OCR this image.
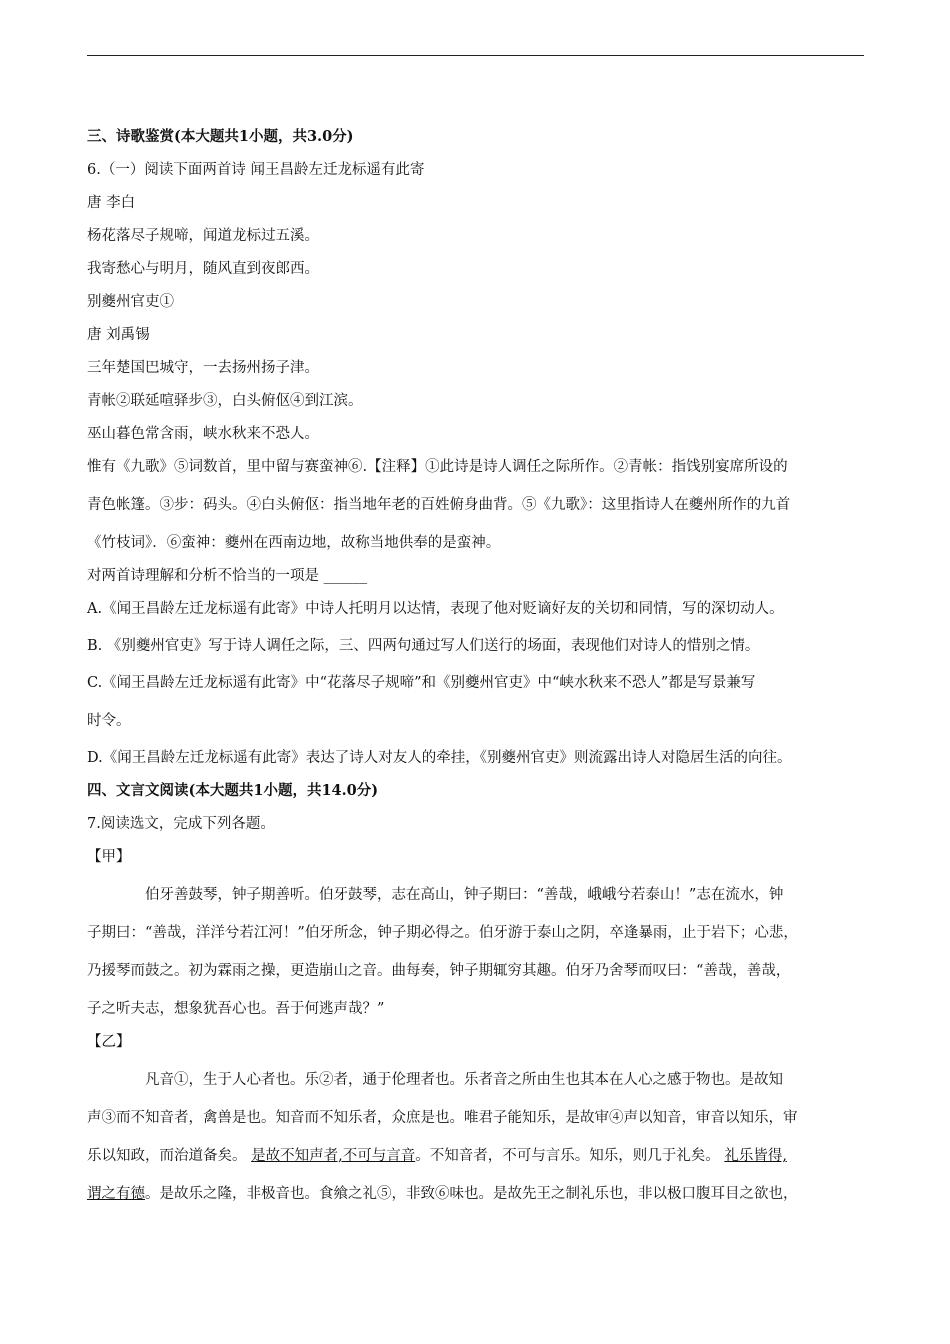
三、诗歌鉴赏(本大题共1小题，共3.0分)

6.（一）阅读下面两首诗 闻王昌龄左迁龙标遥有此寄

唐 李白

杨花落尽子规啼，闻道龙标过五溪。

我寄愁心与明月，随风直到夜郎西。

别夔州官吏①

唐 刘禹锡

三年楚国巴城守，一去扬州扬子津。

青帐②联延喧驿步③，白头俯伛④到江滨。

巫山暮色常含雨，峡水秋来不恐人。

惟有《九歌》⑤词数首，里中留与赛蛮神⑥.【注释】①此诗是诗人调任之际所作。②青帐：指饯别宴席所设的

青色帐篷。③步：码头。④白头俯伛：指当地年老的百姓俯身曲背。⑤《九歌》：这里指诗人在夔州所作的九首

《竹枝词》．⑥蛮神：夔州在西南边地，故称当地供奉的是蛮神。

对两首诗理解和分析不恰当的一项是 ______

A.《闻王昌龄左迁龙标遥有此寄》中诗人托明月以达情，表现了他对贬谪好友的关切和同情，写的深切动人。

B. 《别夔州官吏》写于诗人调任之际，三、四两句通过写人们送行的场面，表现他们对诗人的惜别之情。

C.《闻王昌龄左迁龙标遥有此寄》中“花落尽子规啼”和《别夔州官吏》中“峡水秋来不恐人”都是写景兼写

时令。

D.《闻王昌龄左迁龙标遥有此寄》表达了诗人对友人的牵挂，《别夔州官吏》则流露出诗人对隐居生活的向往。

四、文言文阅读(本大题共1小题，共14.0分)

7.阅读选文，完成下列各题。

【甲】

伯牙善鼓琴，钟子期善听。伯牙鼓琴，志在高山，钟子期曰：“善哉，峨峨兮若泰山！”志在流水，钟

子期曰：“善哉，洋洋兮若江河！”伯牙所念，钟子期必得之。伯牙游于泰山之阴，卒逢暴雨，止于岩下；心悲，

乃援琴而鼓之。初为霖雨之操，更造崩山之音。曲每奏，钟子期辄穷其趣。伯牙乃舍琴而叹曰：“善哉，善哉，

子之听夫志，想象犹吾心也。吾于何逃声哉？”

【乙】

凡音①，生于人心者也。乐②者，通于伦理者也。乐者音之所由生也其本在人心之感于物也。是故知

声③而不知音者，禽兽是也。知音而不知乐者，众庶是也。唯君子能知乐，是故审④声以知音，审音以知乐，审

乐以知政，而治道备矣。 是故不知声者,不可与言音。不知音者，不可与言乐。知乐，则几于礼矣。 礼乐皆得,

谓之有德。是故乐之隆，非极音也。食飨之礼⑤，非致⑥味也。是故先王之制礼乐也，非以极口腹耳目之欲也，
